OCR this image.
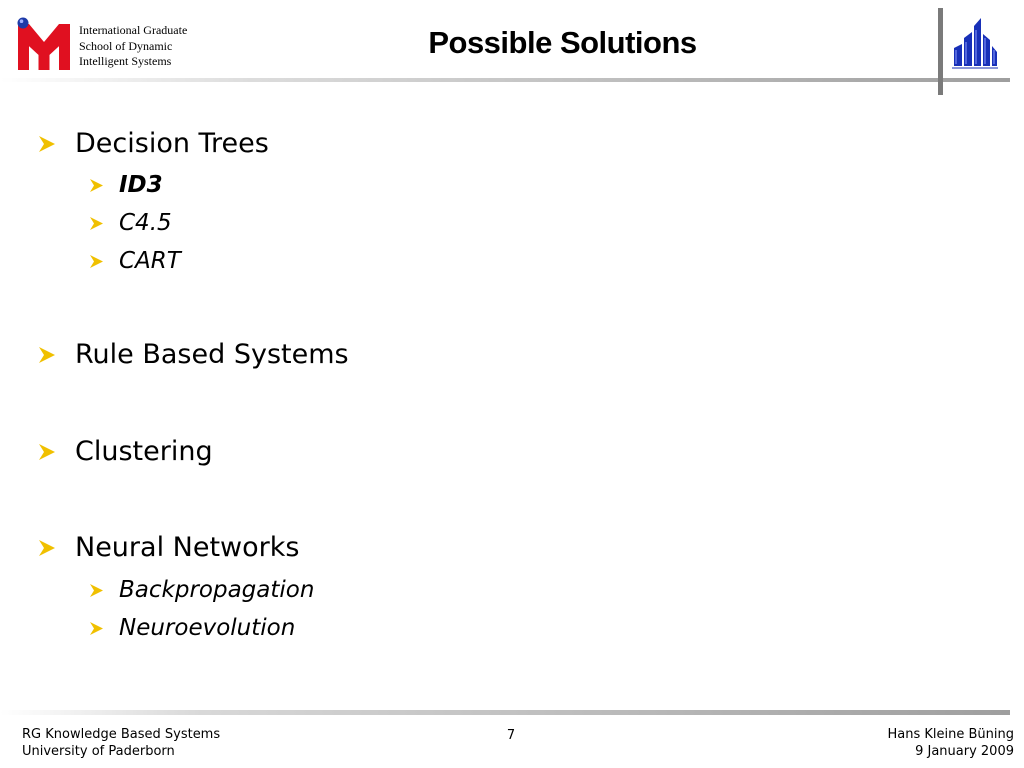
International Graduate
School of Dynamic
Intelligent Systems
Possible Solutions
Decision Trees
ID3
C4.5
CART
Rule Based Systems
Clustering
Neural Networks
Backpropagation
Neuroevolution
RG Knowledge Based Systems
University of Paderborn
7	Hans Kleine Büning
9 January 2009
